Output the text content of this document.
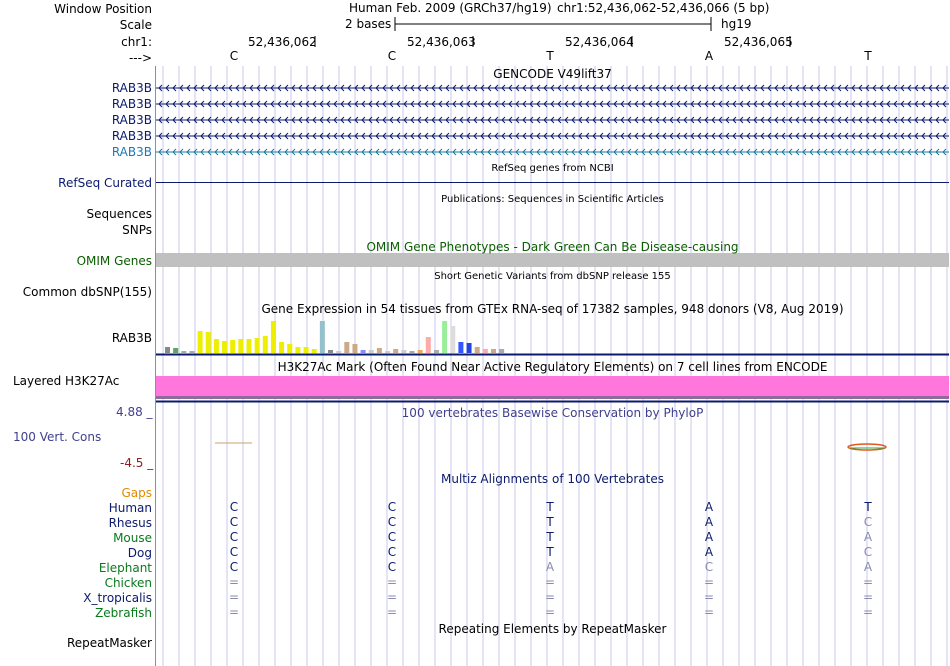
Window Position
Scale
chr1:
--->
Human Feb. 2009 (GRCh37/hg19) chr1:52,436,062-52,436,066 (5 bp)
2 bases	hg19
52,436,062	52,436,063	52,436,064	52,436,065
C	C	T	A	T
GENCODE V49lift37
RAB3B
RAB3B
RAB3B
RAB3B
RAB3B
RefSeq genes from NCBI
RefSeq Curated
Publications: Sequences in Scientific Articles
Sequences
SNPs
OMIM Gene Phenotypes - Dark Green Can Be Disease-causing
OMIM Genes
Short Genetic Variants from dbSNP release 155
Common dbSNP(155)
Gene Expression in 54 tissues from GTEx RNA-seq of 17382 samples, 948 donors (V8, Aug 2019)
RAB3B
H3K27Ac Mark (Often Found Near Active Regulatory Elements) on 7 cell lines from ENCODE
Layered H3K27Ac
100 vertebrates Basewise Conservation by PhyloP
4.88 _
100 Vert. Cons
-4.5 _
Multiz Alignments of 100 Vertebrates
Gaps
Human	C	C	T	A	T
Rhesus	C	C	T	A	C
Mouse	C	C	T	A	A
Dog	C	C	T	A	C
Elephant	C	C	A	C	A
Chicken	=	=	=	=	=
X_tropicalis	=	=	=	=	=
Zebrafish	=	=	=	=	=
Repeating Elements by RepeatMasker
RepeatMasker
